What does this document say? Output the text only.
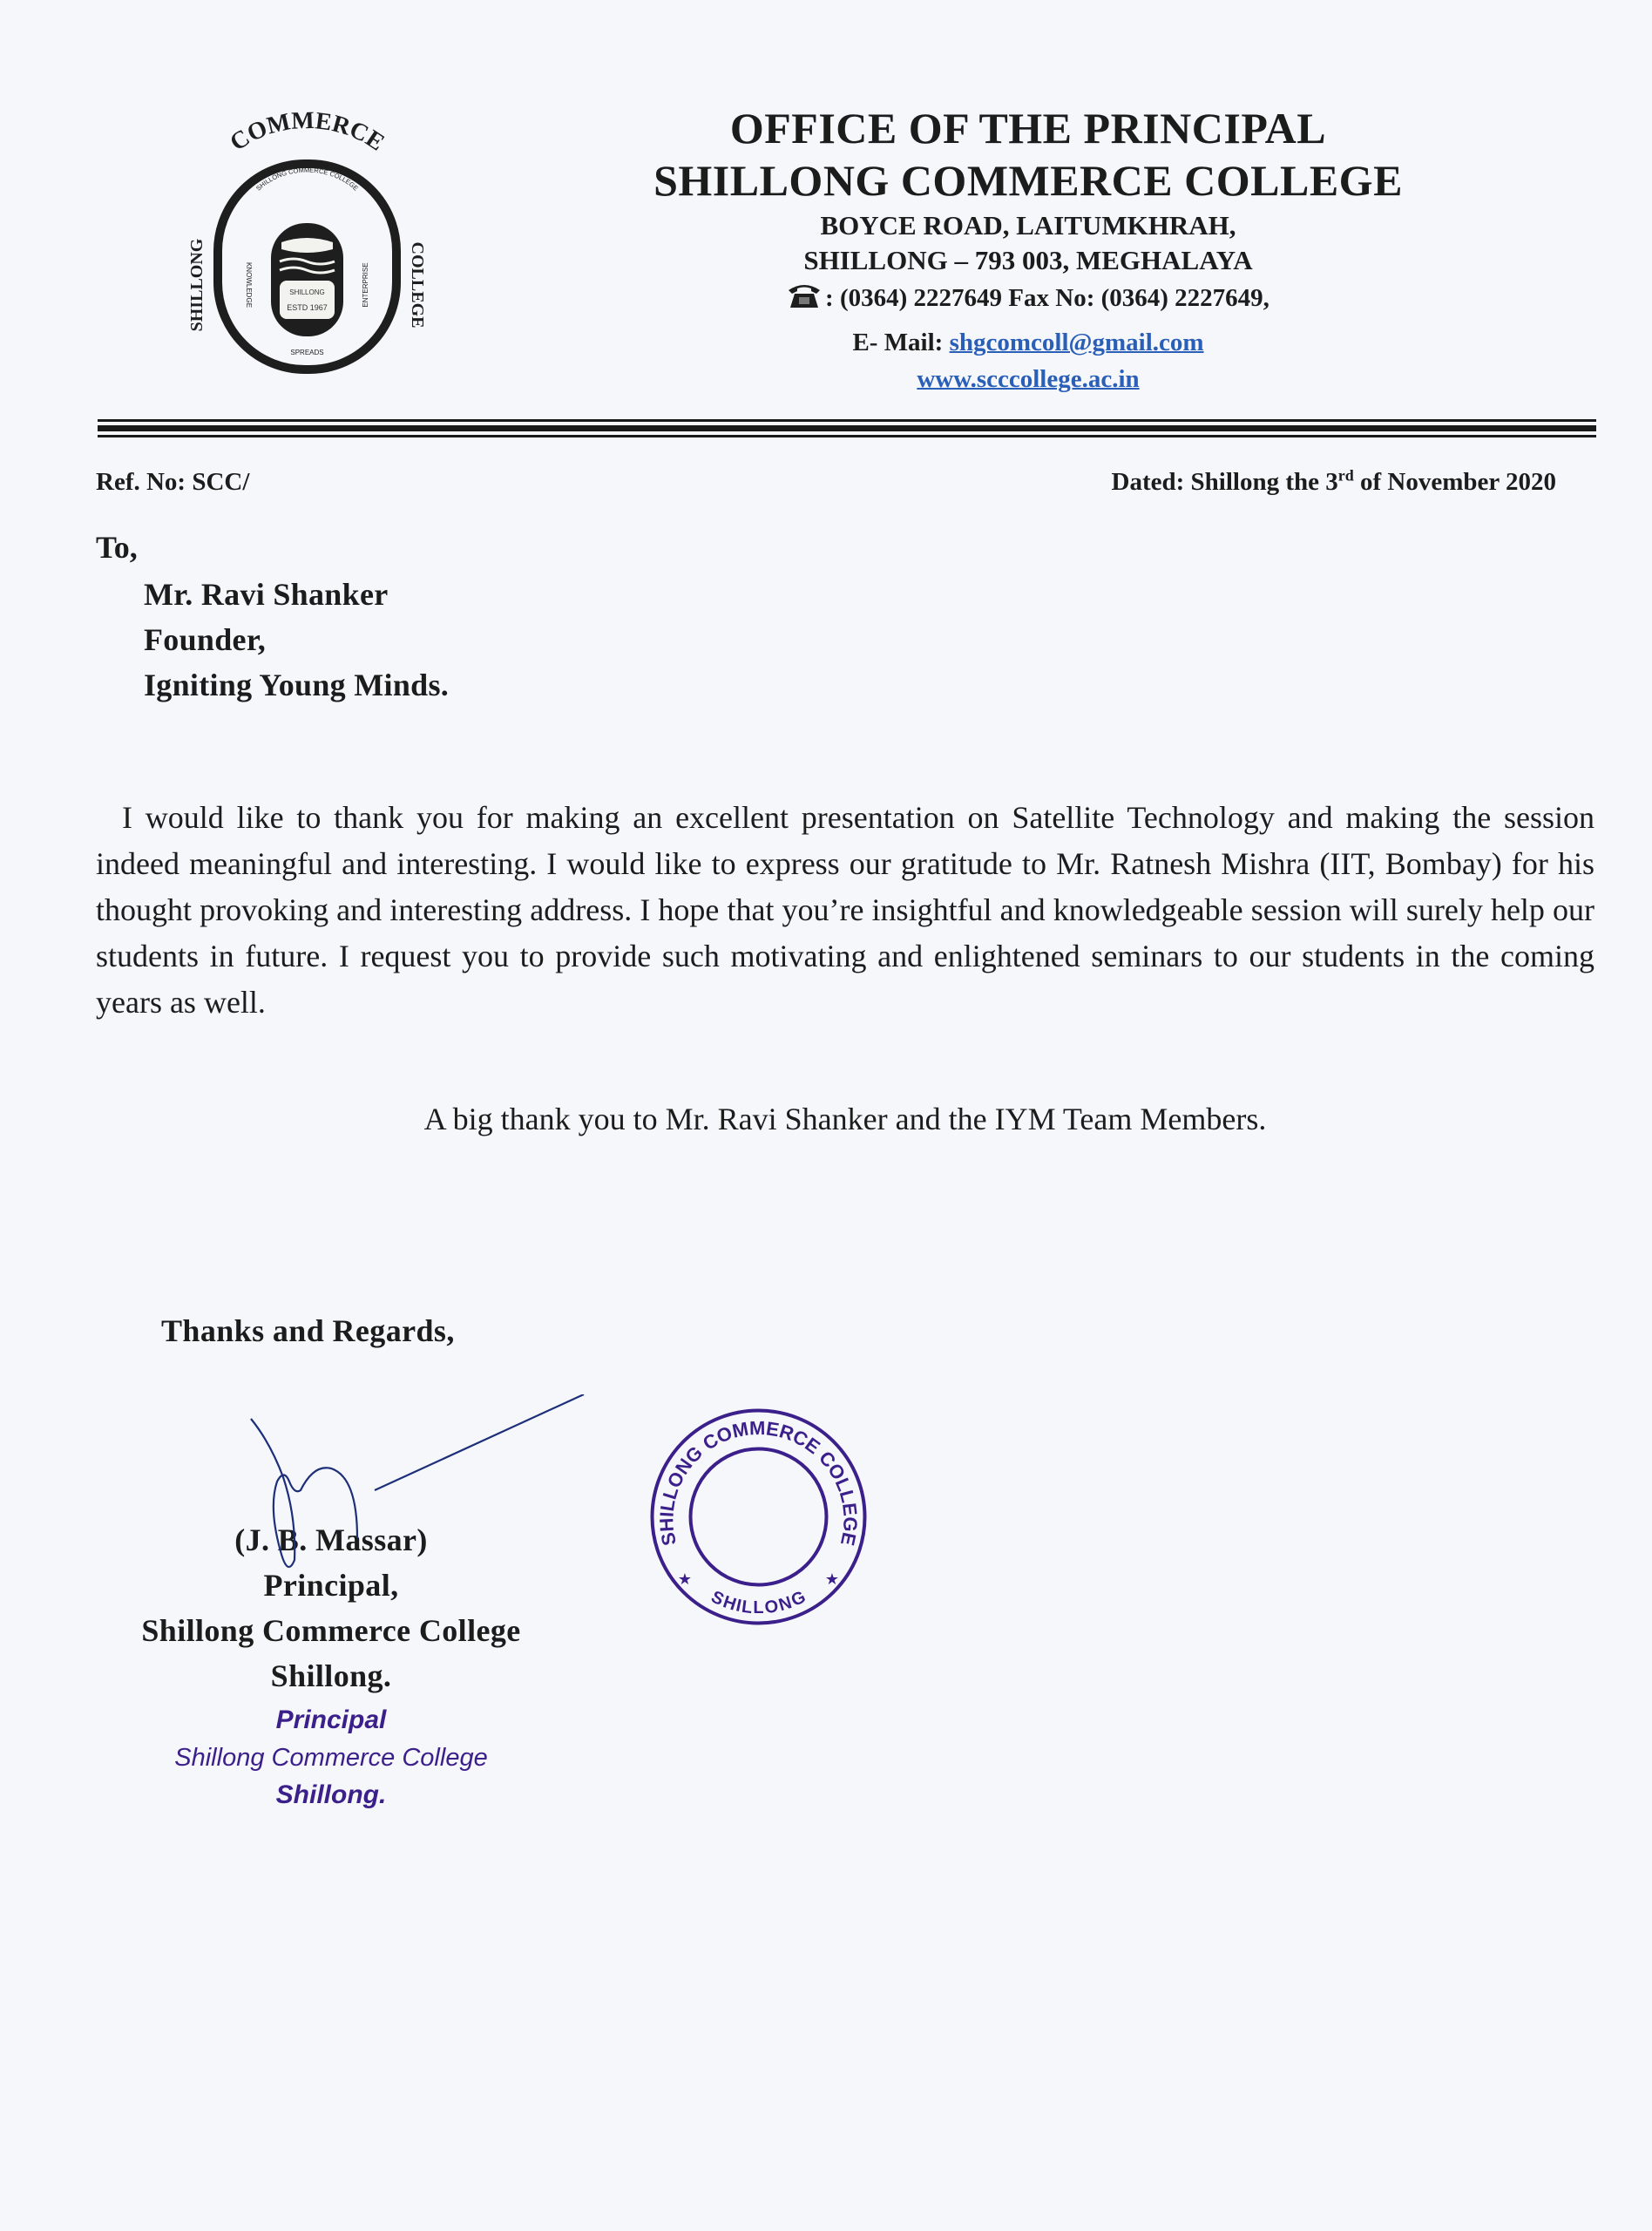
SHILLONG
ESTD 1967
COMMERCE
SHILLONG	COLLEGE
SHILLONG COMMERCE COLLEGE
KNOWLEDGE
SPREADS
ENTERPRISE
OFFICE OF THE PRINCIPAL
SHILLONG COMMERCE COLLEGE
BOYCE ROAD, LAITUMKHRAH,
SHILLONG – 793 003, MEGHALAYA
: (0364) 2227649 Fax No: (0364) 2227649,
E- Mail: shgcomcoll@gmail.com
www.scccollege.ac.in
Ref. No: SCC/	Dated: Shillong the 3rd of November 2020
To,
Mr. Ravi Shanker
Founder,
Igniting Young Minds.
I would like to thank you for making an excellent presentation on Satellite Technology and making the session indeed meaningful and interesting. I would like to express our gratitude to Mr. Ratnesh Mishra (IIT, Bombay) for his thought provoking and interesting address. I hope that you’re insightful and knowledgeable session will surely help our students in future. I request you to provide such motivating and enlightened seminars to our students in the coming years as well.
A big thank you to Mr. Ravi Shanker and the IYM Team Members.
Thanks and Regards,
(J. B. Massar)
Principal,
Shillong Commerce College
Shillong.
Principal
Shillong Commerce College
Shillong.
SHILLONG COMMERCE COLLEGE
SHILLONG
★	★
